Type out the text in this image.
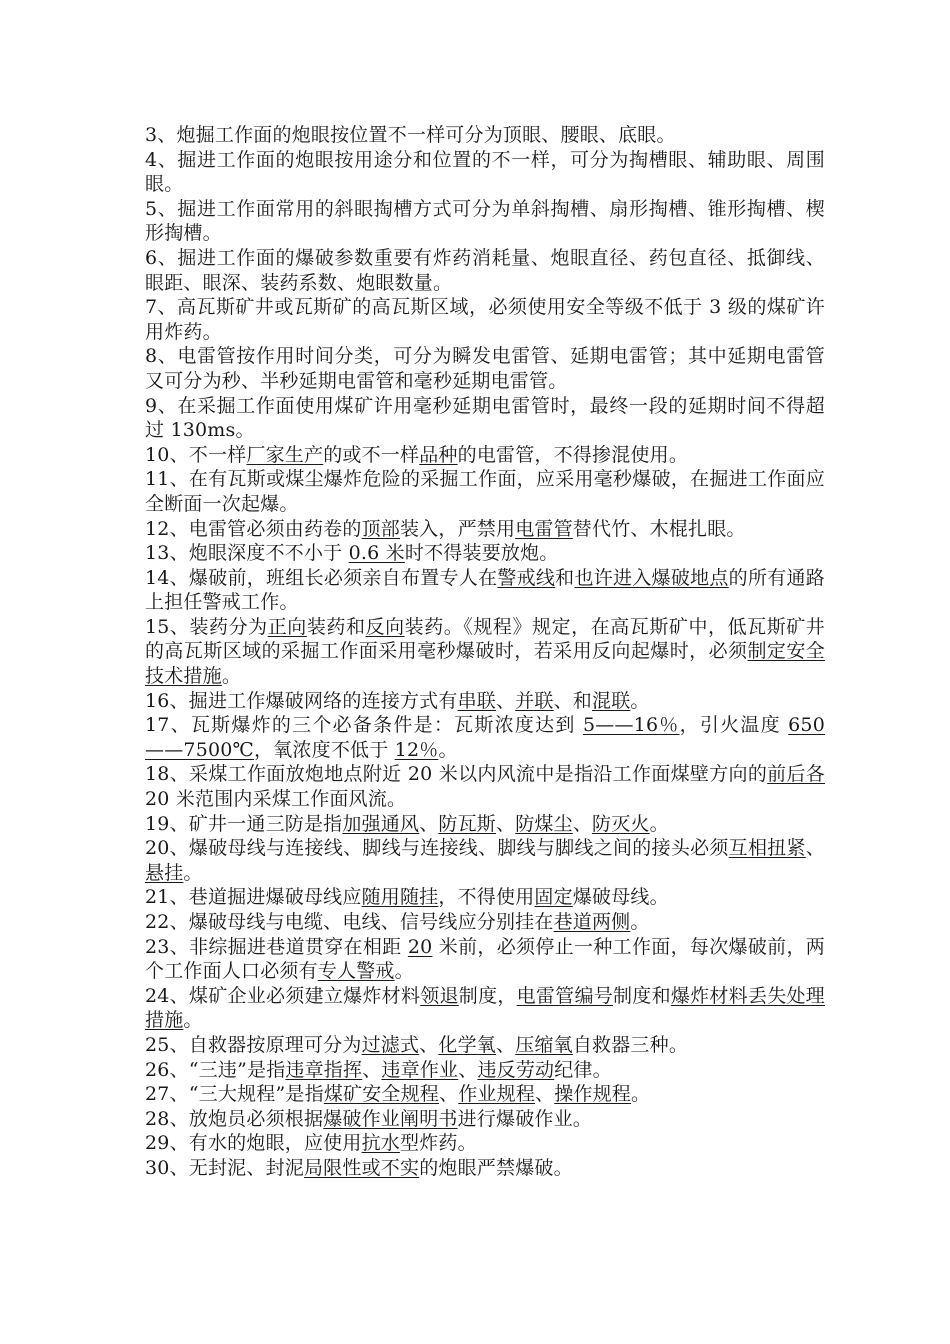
3、炮掘工作面的炮眼按位置不一样可分为顶眼、腰眼、底眼。

4、掘进工作面的炮眼按用途分和位置的不一样，可分为掏槽眼、辅助眼、周围眼。

5、掘进工作面常用的斜眼掏槽方式可分为单斜掏槽、扇形掏槽、锥形掏槽、楔形掏槽。

6、掘进工作面的爆破参数重要有炸药消耗量、炮眼直径、药包直径、抵御线、眼距、眼深、装药系数、炮眼数量。

7、高瓦斯矿井或瓦斯矿的高瓦斯区域，必须使用安全等级不低于 3 级的煤矿许用炸药。

8、电雷管按作用时间分类，可分为瞬发电雷管、延期电雷管；其中延期电雷管又可分为秒、半秒延期电雷管和毫秒延期电雷管。

9、在采掘工作面使用煤矿许用毫秒延期电雷管时，最终一段的延期时间不得超过 130ms。

10、不一样厂家生产的或不一样品种的电雷管，不得掺混使用。

11、在有瓦斯或煤尘爆炸危险的采掘工作面，应采用毫秒爆破，在掘进工作面应全断面一次起爆。

12、电雷管必须由药卷的顶部装入，严禁用电雷管替代竹、木棍扎眼。

13、炮眼深度不不小于 0.6 米时不得装要放炮。

14、爆破前，班组长必须亲自布置专人在警戒线和也许进入爆破地点的所有通路上担任警戒工作。

15、装药分为正向装药和反向装药。《规程》规定，在高瓦斯矿中，低瓦斯矿井的高瓦斯区域的采掘工作面采用毫秒爆破时，若采用反向起爆时，必须制定安全技术措施。

16、掘进工作爆破网络的连接方式有串联、并联、和混联。

17、瓦斯爆炸的三个必备条件是：瓦斯浓度达到 5——16％，引火温度 650——7500℃，氧浓度不低于 12％。

18、采煤工作面放炮地点附近 20 米以内风流中是指沿工作面煤壁方向的前后各 20 米范围内采煤工作面风流。

19、矿井一通三防是指加强通风、防瓦斯、防煤尘、防灭火。

20、爆破母线与连接线、脚线与连接线、脚线与脚线之间的接头必须互相扭紧、悬挂。

21、巷道掘进爆破母线应随用随挂，不得使用固定爆破母线。

22、爆破母线与电缆、电线、信号线应分别挂在巷道两侧。

23、非综掘进巷道贯穿在相距 20 米前，必须停止一种工作面，每次爆破前，两个工作面人口必须有专人警戒。

24、煤矿企业必须建立爆炸材料领退制度，电雷管编号制度和爆炸材料丢失处理措施。

25、自救器按原理可分为过滤式、化学氧、压缩氧自救器三种。

26、“三违”是指违章指挥、违章作业、违反劳动纪律。

27、“三大规程”是指煤矿安全规程、作业规程、操作规程。

28、放炮员必须根据爆破作业阐明书进行爆破作业。

29、有水的炮眼，应使用抗水型炸药。

30、无封泥、封泥局限性或不实的炮眼严禁爆破。
